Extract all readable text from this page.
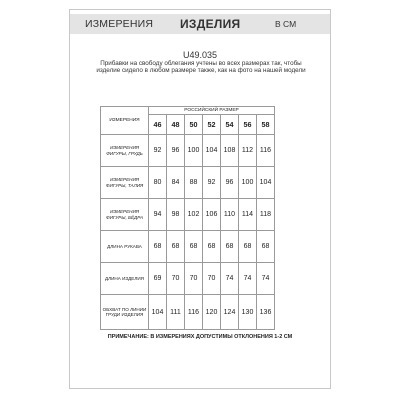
ИЗМЕРЕНИЯ ИЗДЕЛИЯ	В СМ
U49.035
Прибавки на свободу облегания учтены во всех размерах так, чтобы изделие сидело в любом размере также, как на фото на нашей модели
ИЗМЕРЕНИЯ	РОССИЙСКИЙ РАЗМЕР						
	46	48	50	52	54	56	58
ИЗМЕРЕНИЯ ФИГУРЫ, ГРУДЬ	92	96	100	104	108	112	116
ИЗМЕРЕНИЯ ФИГУРЫ, ТАЛИЯ	80	84	88	92	96	100	104
ИЗМЕРЕНИЯ ФИГУРЫ, БЁДРА	94	98	102	106	110	114	118
ДЛИНА РУКАВА	68	68	68	68	68	68	68
ДЛИНА ИЗДЕЛИЯ	69	70	70	70	74	74	74
ОБХВАТ ПО ЛИНИИ ГРУДИ ИЗДЕЛИЯ	104	111	116	120	124	130	136
ПРИМЕЧАНИЕ: В ИЗМЕРЕНИЯХ ДОПУСТИМЫ ОТКЛОНЕНИЯ 1-2 СМ
